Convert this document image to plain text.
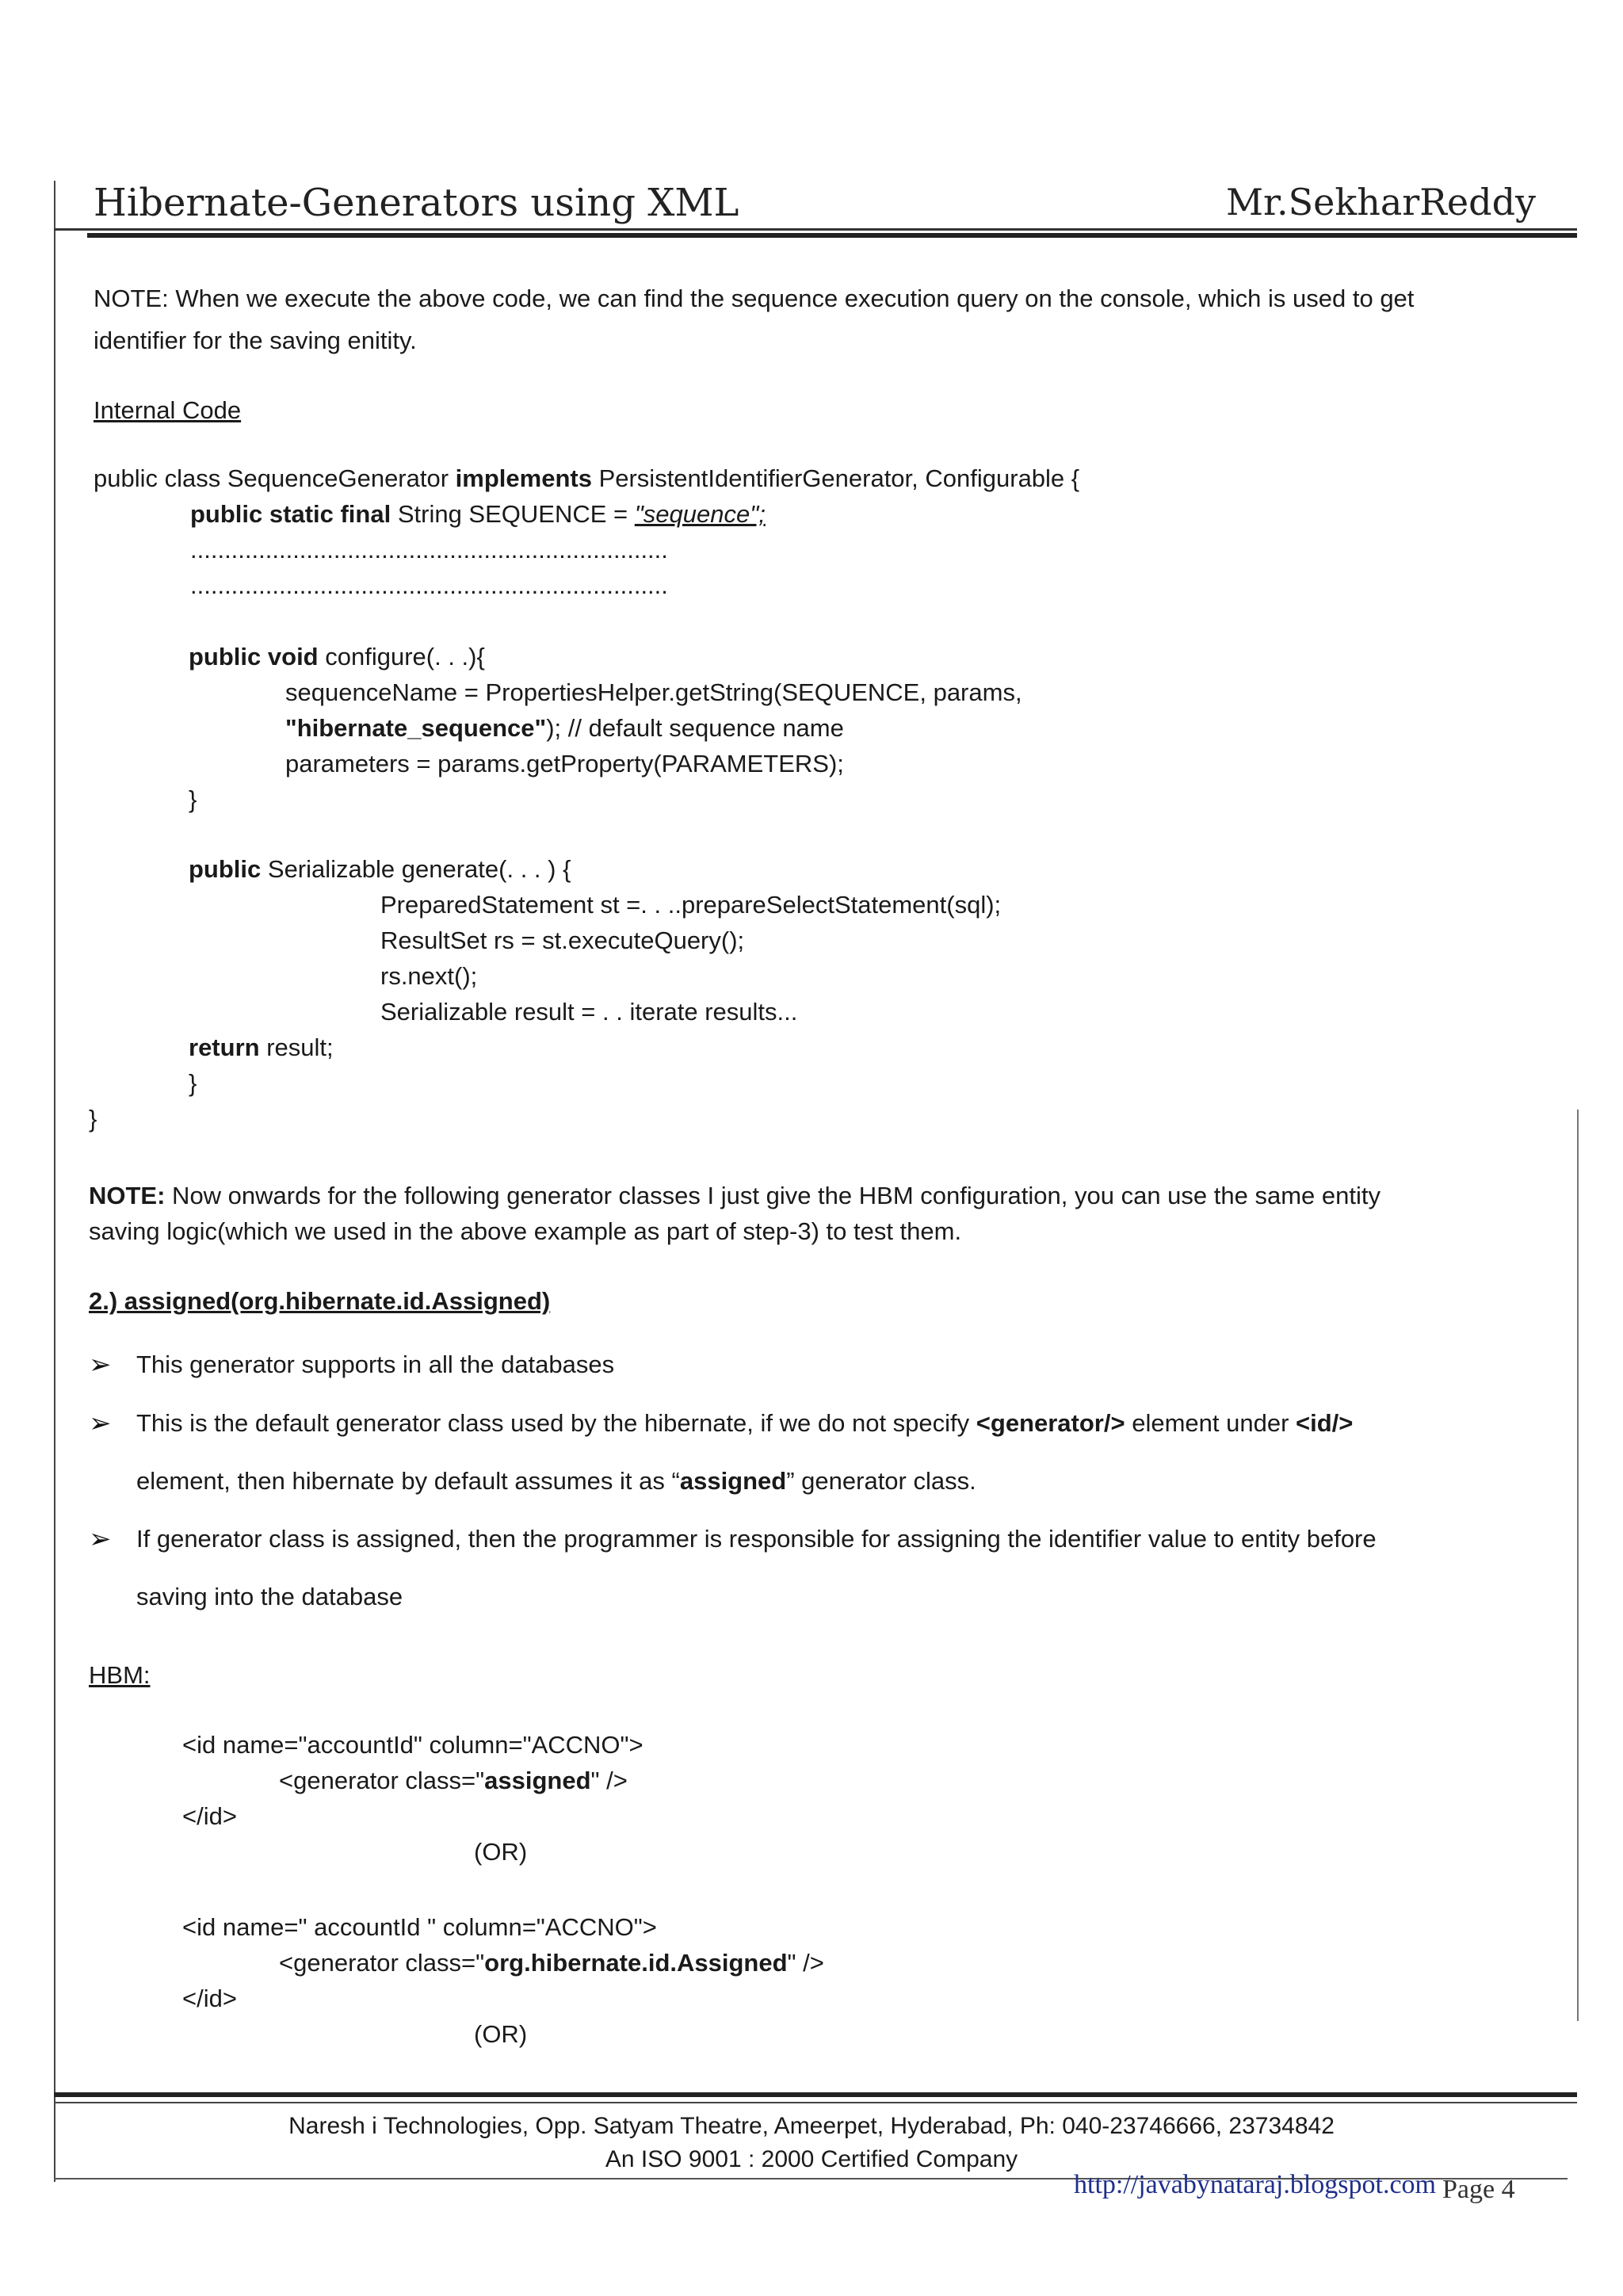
Hibernate-Generators using XML	Mr.SekharReddy
NOTE: When we execute the above code, we can find the sequence execution query on the console, which is used to get
identifier for the saving enitity.
Internal Code
public class SequenceGenerator implements PersistentIdentifierGenerator, Configurable {
public static final String SEQUENCE = "sequence";
......................................................................
......................................................................
public void configure(. . .){
sequenceName = PropertiesHelper.getString(SEQUENCE, params,
"hibernate_sequence"); // default sequence name
parameters = params.getProperty(PARAMETERS);
}
public Serializable generate(. . . ) {
PreparedStatement st =. . ..prepareSelectStatement(sql);
ResultSet rs = st.executeQuery();
rs.next();
Serializable result = . . iterate results...
return result;
}
}
NOTE: Now onwards for the following generator classes I just give the HBM configuration, you can use the same entity
saving logic(which we used in the above example as part of step-3) to test them.
2.) assigned(org.hibernate.id.Assigned)
➢ This generator supports in all the databases
➢ This is the default generator class used by the hibernate, if we do not specify <generator/> element under <id/>
element, then hibernate by default assumes it as “assigned” generator class.
➢ If generator class is assigned, then the programmer is responsible for assigning the identifier value to entity before
saving into the database
HBM:
<id name="accountId" column="ACCNO">
<generator class="assigned" />
</id>
(OR)
<id name=" accountId " column="ACCNO">
<generator class="org.hibernate.id.Assigned" />
</id>
(OR)
Naresh i Technologies, Opp. Satyam Theatre, Ameerpet, Hyderabad, Ph: 040-23746666, 23734842
An ISO 9001 : 2000 Certified Company
http://javabynataraj.blogspot.com Page 4
